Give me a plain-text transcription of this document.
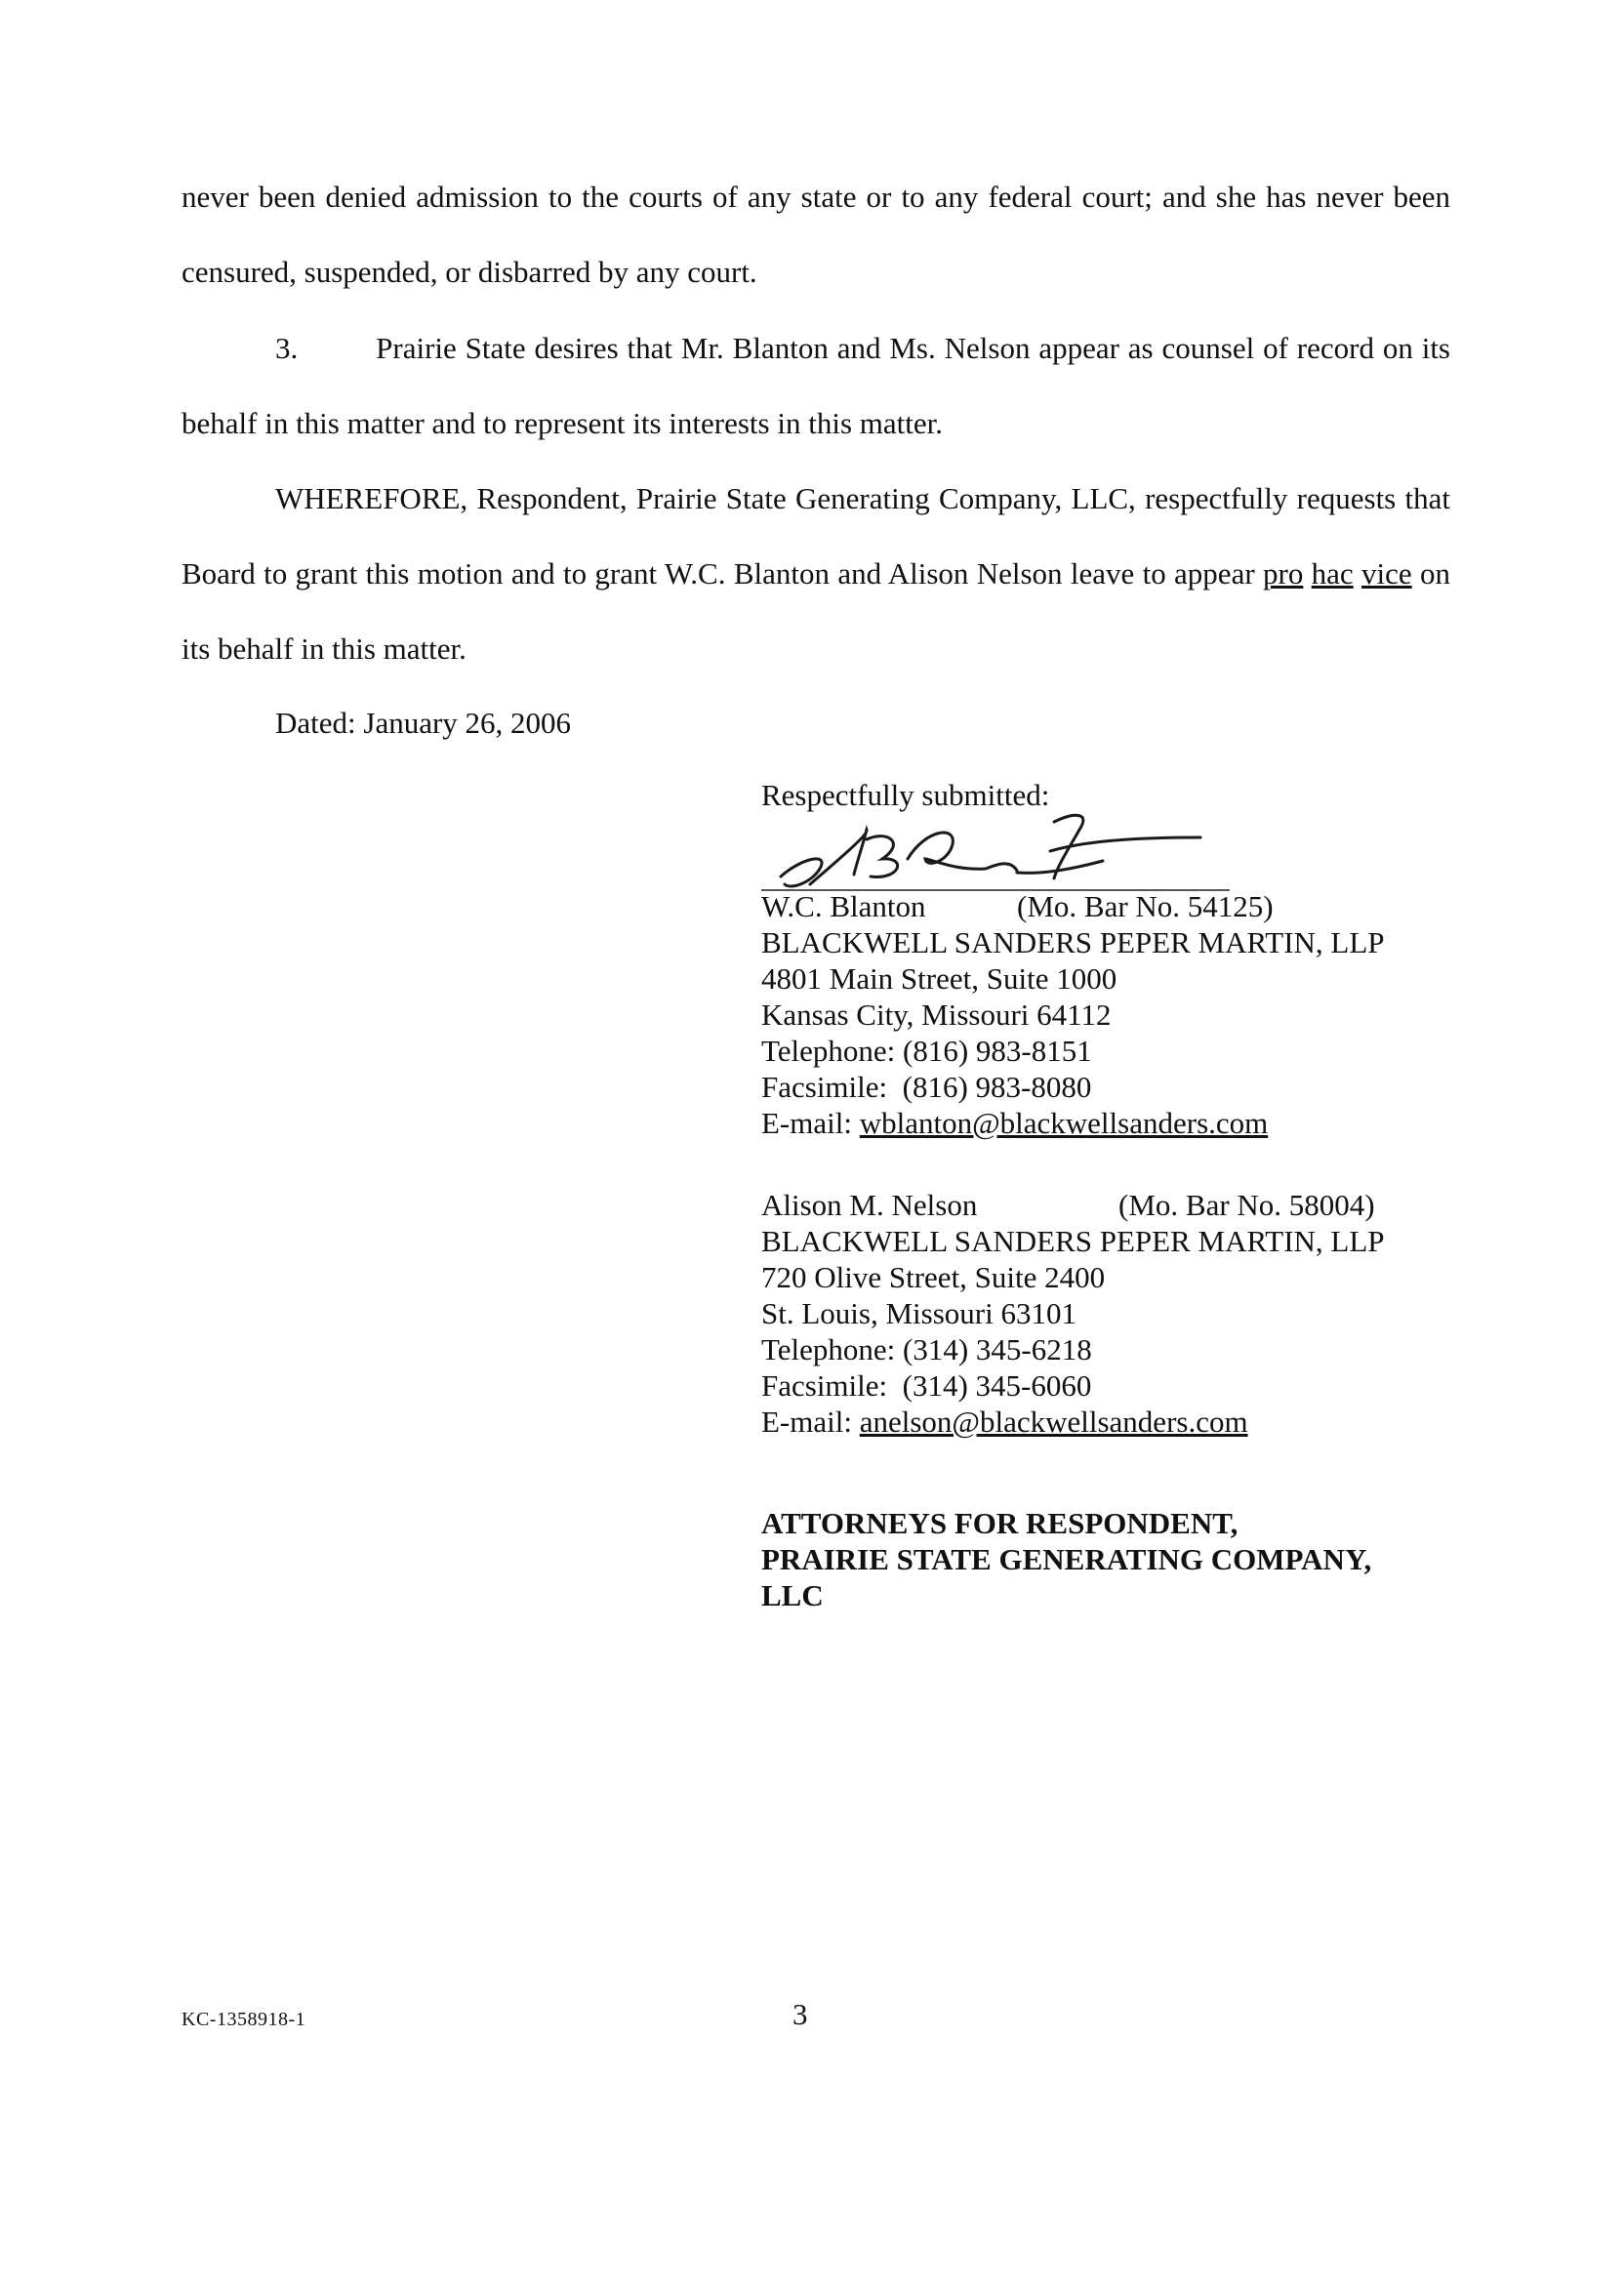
never been denied admission to the courts of any state or to any federal court; and she has never been censured, suspended, or disbarred by any court.

3.	Prairie State desires that Mr. Blanton and Ms. Nelson appear as counsel of record on its behalf in this matter and to represent its interests in this matter.

WHEREFORE, Respondent, Prairie State Generating Company, LLC, respectfully requests that Board to grant this motion and to grant W.C. Blanton and Alison Nelson leave to appear pro hac vice on its behalf in this matter.

Dated: January 26, 2006

Respectfully submitted:
W.C. Blanton	(Mo. Bar No. 54125)
BLACKWELL SANDERS PEPER MARTIN, LLP
4801 Main Street, Suite 1000
Kansas City, Missouri 64112
Telephone: (816) 983-8151
Facsimile:  (816) 983-8080
E-mail: wblanton@blackwellsanders.com
Alison M. Nelson	(Mo. Bar No. 58004)
BLACKWELL SANDERS PEPER MARTIN, LLP
720 Olive Street, Suite 2400
St. Louis, Missouri 63101
Telephone: (314) 345-6218
Facsimile:  (314) 345-6060
E-mail: anelson@blackwellsanders.com
ATTORNEYS FOR RESPONDENT,
PRAIRIE STATE GENERATING COMPANY,
LLC
KC-1358918-1	3
